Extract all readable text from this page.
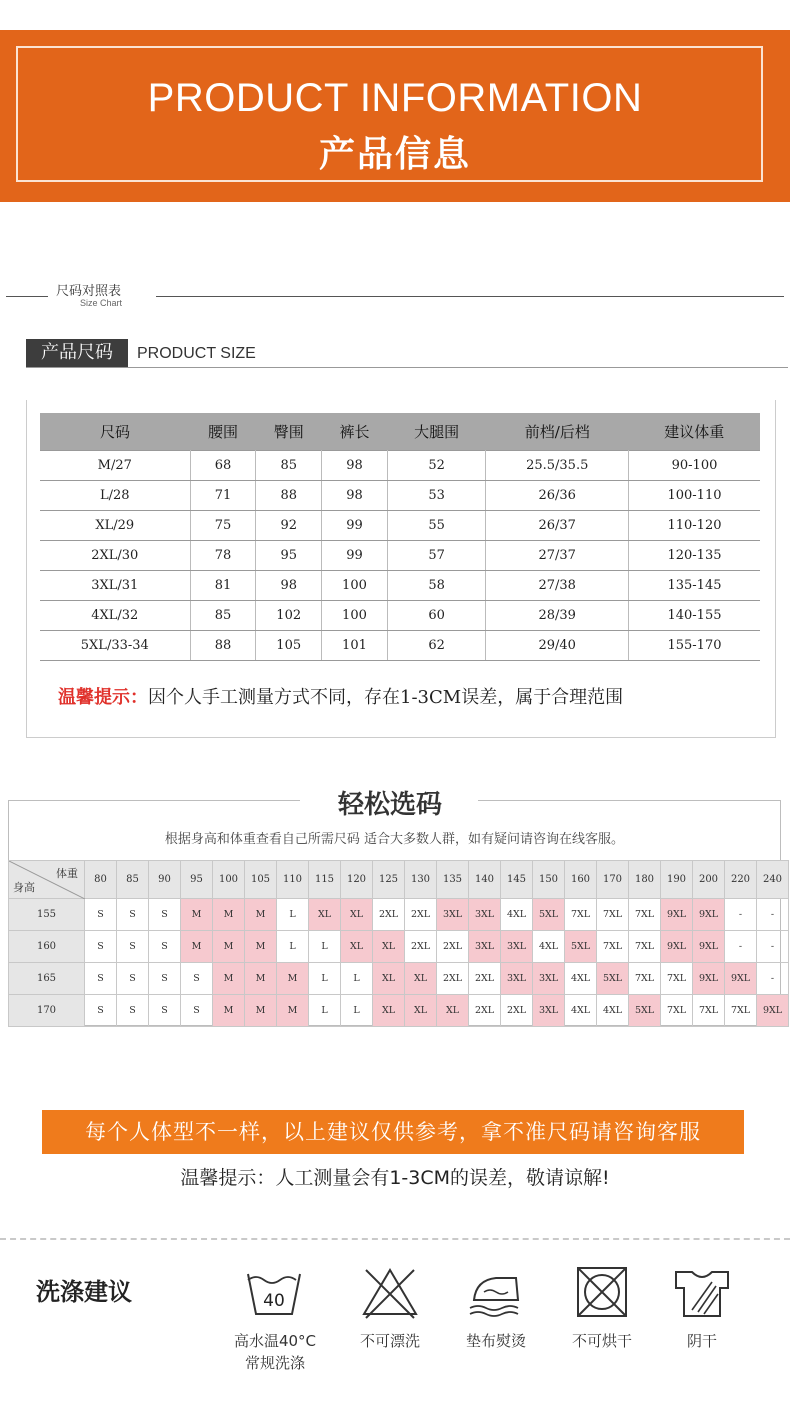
PRODUCT INFORMATION
产品信息
尺码对照表
Size Chart
产品尺码	PRODUCT SIZE
尺码	腰围	臀围	裤长	大腿围	前档/后档	建议体重
M/27	68	85	98	52	25.5/35.5	90-100
L/28	71	88	98	53	26/36	100-110
XL/29	75	92	99	55	26/37	110-120
2XL/30	78	95	99	57	27/37	120-135
3XL/31	81	98	100	58	27/38	135-145
4XL/32	85	102	100	60	28/39	140-155
5XL/33-34	88	105	101	62	29/40	155-170
温馨提示：因个人手工测量方式不同，存在1-3CM误差，属于合理范围
轻松选码
根据身高和体重查看自己所需尺码 适合大多数人群，如有疑问请咨询在线客服。
体重
身高	80	85	90	95	100	105	110	115	120	125	130	135	140	145	150	160	170	180	190	200	220	240
155	S	S	S	M	M	M	L	XL	XL	2XL	2XL	3XL	3XL	4XL	5XL	7XL	7XL	7XL	9XL	9XL	-	-
160	S	S	S	M	M	M	L	L	XL	XL	2XL	2XL	3XL	3XL	4XL	5XL	7XL	7XL	9XL	9XL	-	-
165	S	S	S	S	M	M	M	L	L	XL	XL	2XL	2XL	3XL	3XL	4XL	5XL	7XL	7XL	9XL	9XL	-
170	S	S	S	S	M	M	M	L	L	XL	XL	XL	2XL	2XL	3XL	4XL	4XL	5XL	7XL	7XL	7XL	9XL
每个人体型不一样，以上建议仅供参考，拿不准尺码请咨询客服
温馨提示：人工测量会有1-3CM的误差，敬请谅解!
洗涤建议	40
高水温40°C
常规洗涤
不可漂洗	垫布熨烫	不可烘干	阴干
